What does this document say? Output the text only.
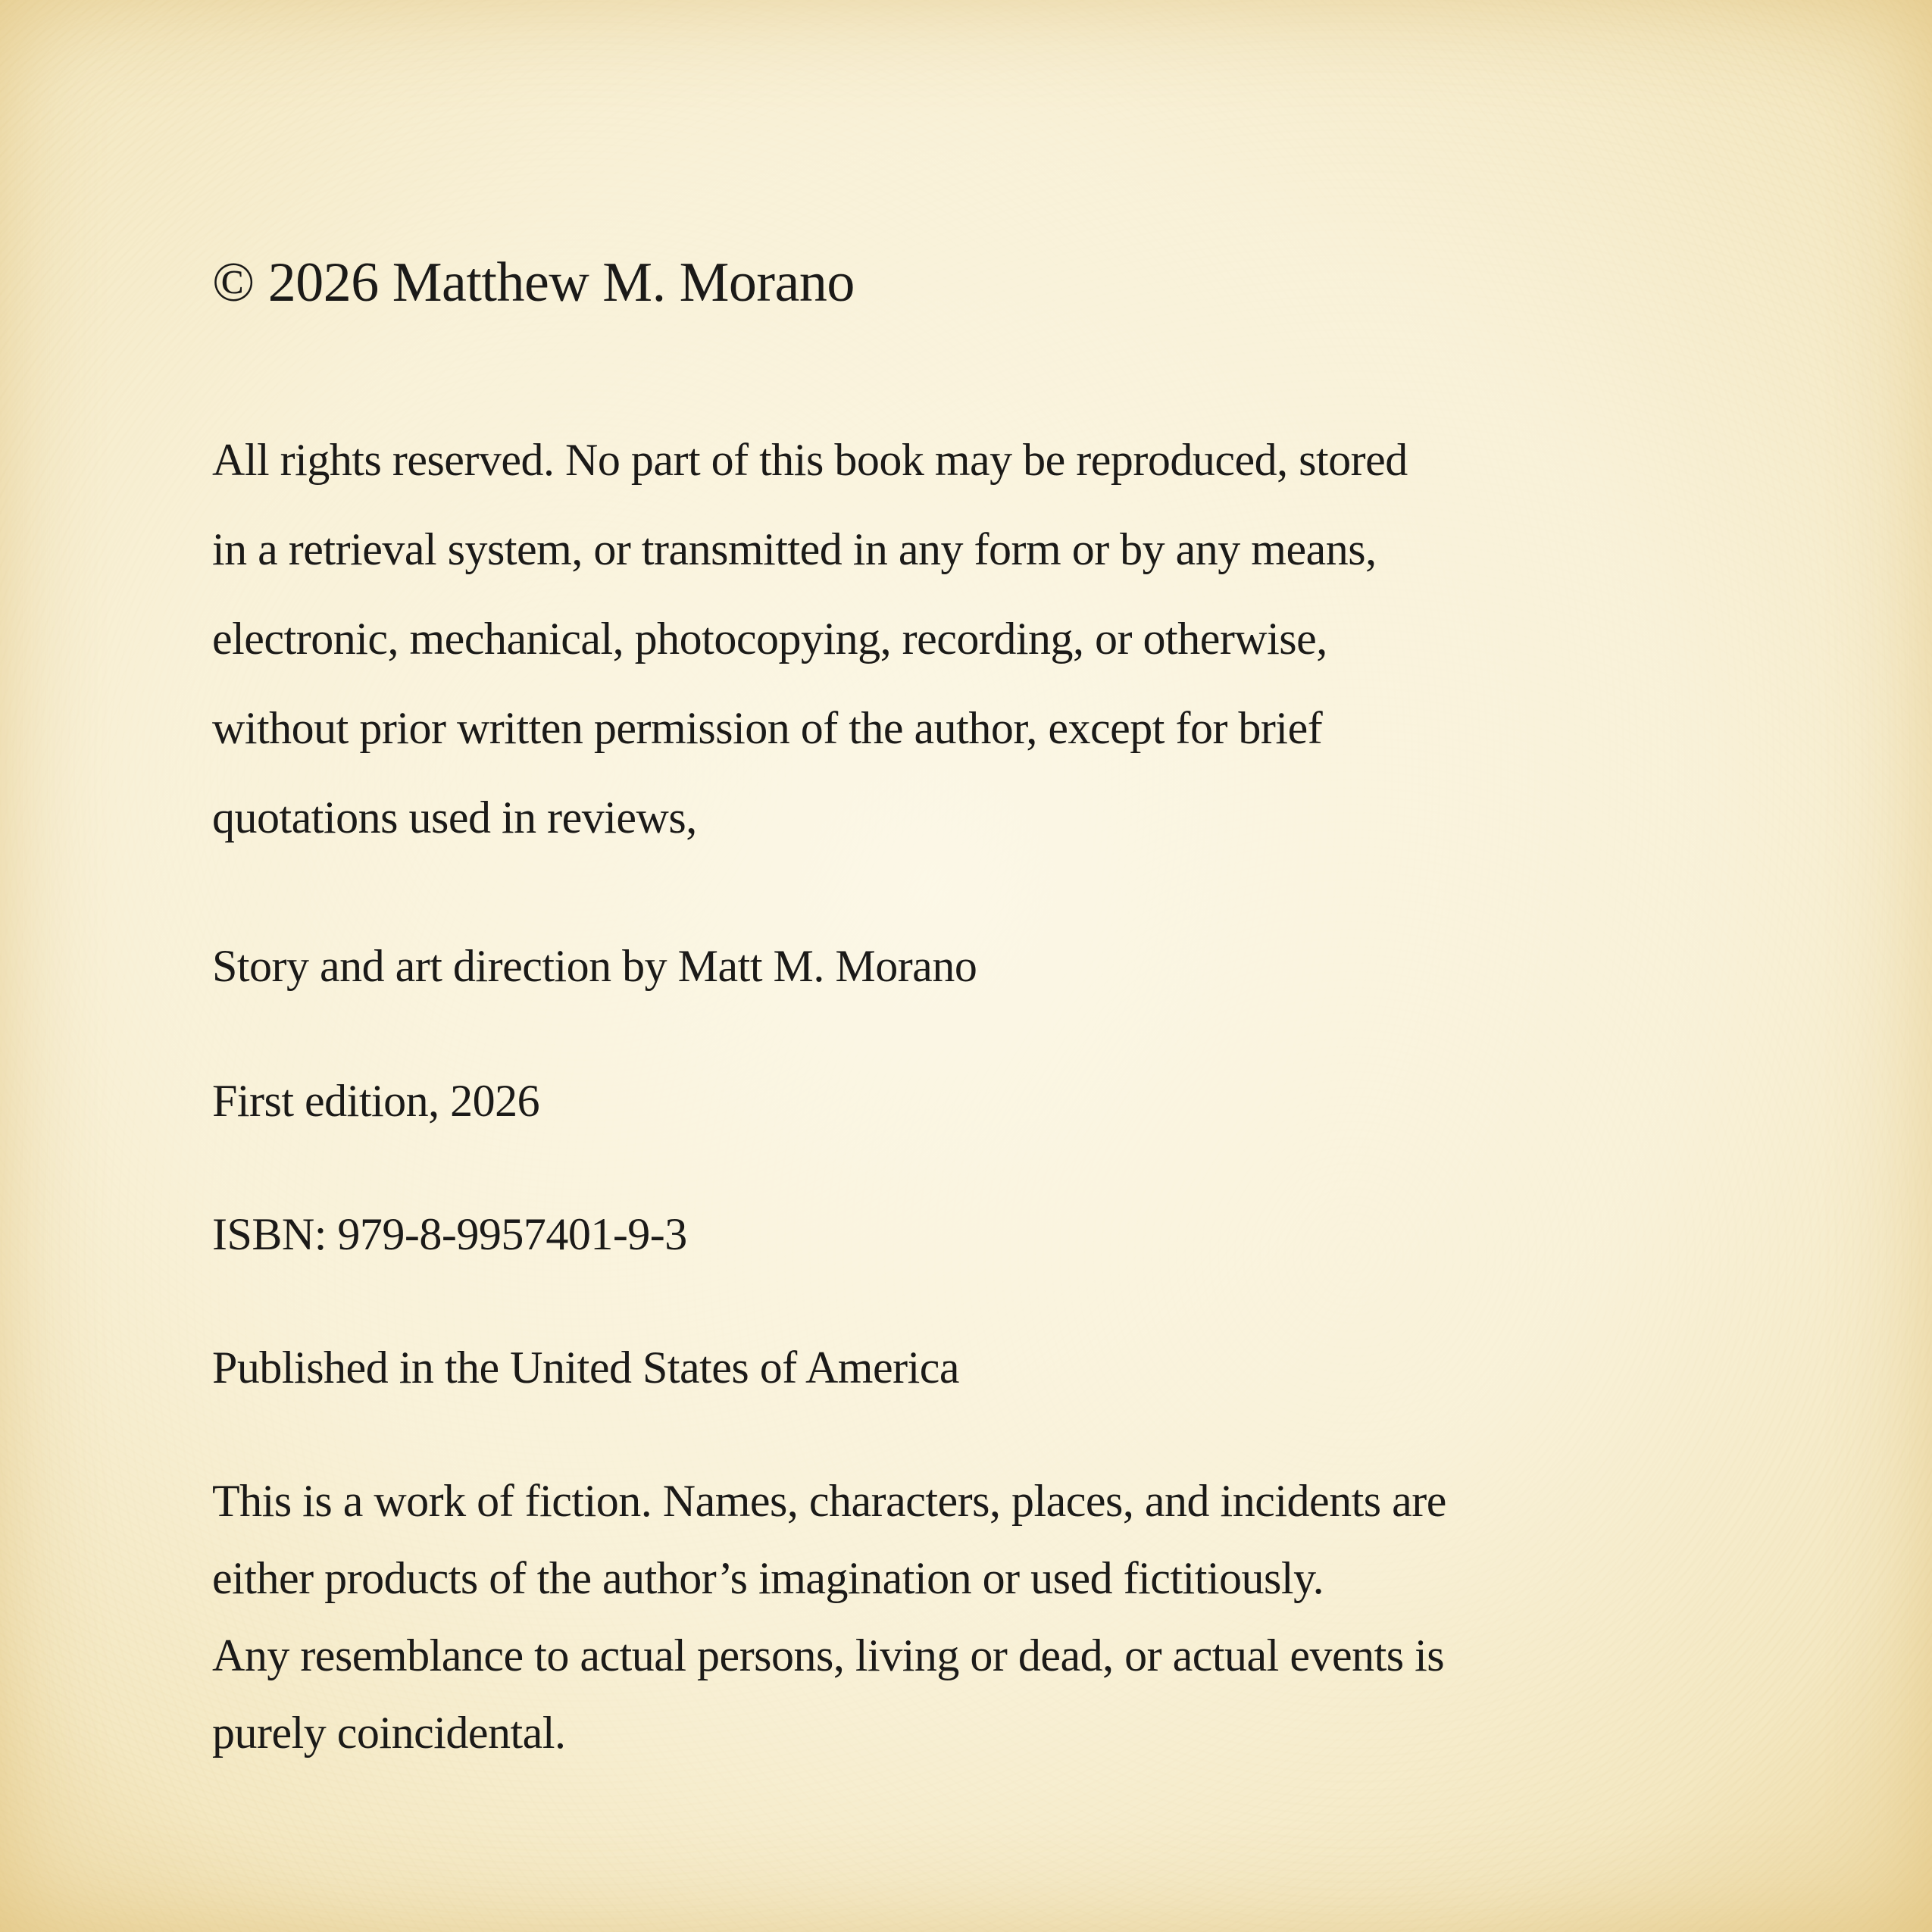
© 2026 Matthew M. Morano
All rights reserved. No part of this book may be reproduced, stored
in a retrieval system, or transmitted in any form or by any means,
electronic, mechanical, photocopying, recording, or otherwise,
without prior written permission of the author, except for brief
quotations used in reviews,
Story and art direction by Matt M. Morano
First edition, 2026
ISBN: 979-8-9957401-9-3
Published in the United States of America
This is a work of fiction. Names, characters, places, and incidents are
either products of the author’s imagination or used fictitiously.
Any resemblance to actual persons, living or dead, or actual events is
purely coincidental.
